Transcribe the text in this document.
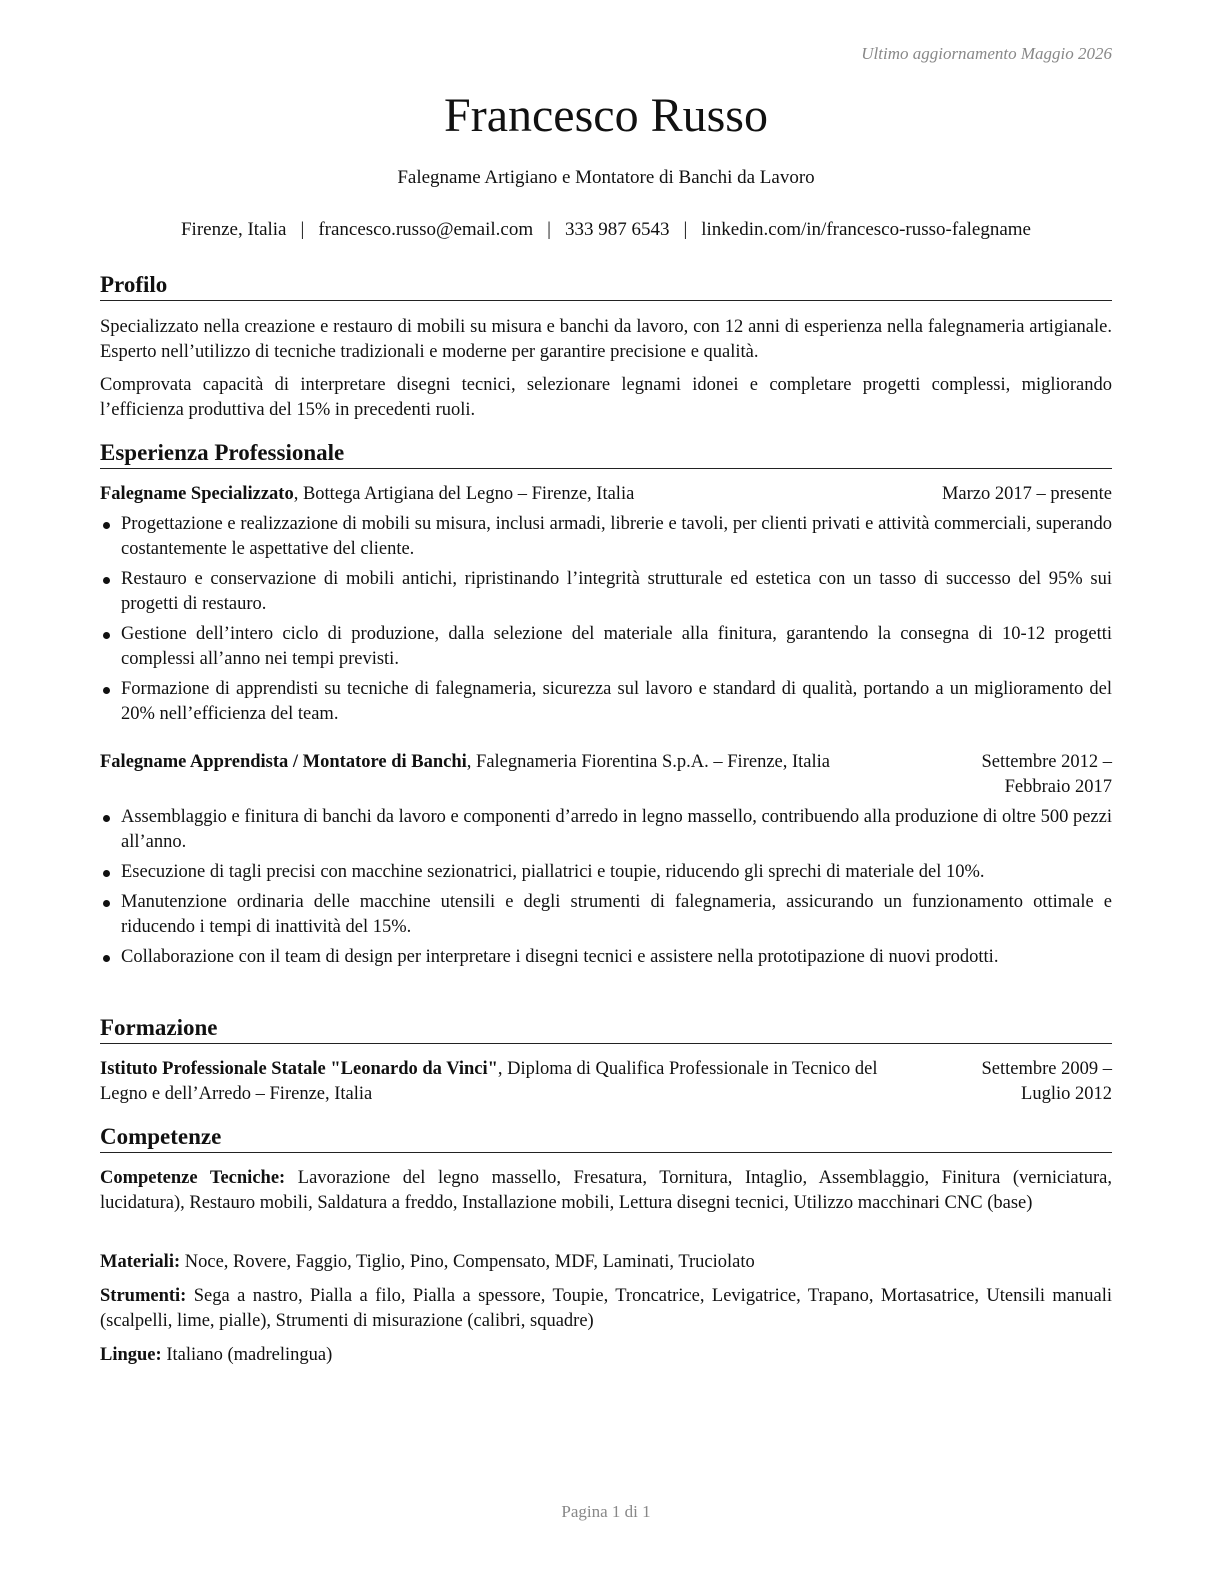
Ultimo aggiornamento Maggio 2026
Francesco Russo
Falegname Artigiano e Montatore di Banchi da Lavoro
Firenze, Italia | francesco.russo@email.com | 333 987 6543 | linkedin.com/in/francesco-russo-falegname
Profilo

Specializzato nella creazione e restauro di mobili su misura e banchi da lavoro, con 12 anni di esperienza nella falegnameria artigianale. Esperto nell’utilizzo di tecniche tradizionali e moderne per garantire precisione e qualità.

Comprovata capacità di interpretare disegni tecnici, selezionare legnami idonei e completare progetti complessi, migliorando l’efficienza produttiva del 15% in precedenti ruoli.

Esperienza Professionale
Falegname Specializzato, Bottega Artigiana del Legno – Firenze, Italia	Marzo 2017 – presente
Progettazione e realizzazione di mobili su misura, inclusi armadi, librerie e tavoli, per clienti privati e attività commerciali, superando costantemente le aspettative del cliente.
Restauro e conservazione di mobili antichi, ripristinando l’integrità strutturale ed estetica con un tasso di successo del 95% sui progetti di restauro.
Gestione dell’intero ciclo di produzione, dalla selezione del materiale alla finitura, garantendo la consegna di 10-12 progetti complessi all’anno nei tempi previsti.
Formazione di apprendisti su tecniche di falegnameria, sicurezza sul lavoro e standard di qualità, portando a un miglioramento del 20% nell’efficienza del team.
Falegname Apprendista / Montatore di Banchi, Falegnameria Fiorentina S.p.A. – Firenze, Italia	Settembre 2012 – Febbraio 2017
Assemblaggio e finitura di banchi da lavoro e componenti d’arredo in legno massello, contribuendo alla produzione di oltre 500 pezzi all’anno.
Esecuzione di tagli precisi con macchine sezionatrici, piallatrici e toupie, riducendo gli sprechi di materiale del 10%.
Manutenzione ordinaria delle macchine utensili e degli strumenti di falegnameria, assicurando un funzionamento ottimale e riducendo i tempi di inattività del 15%.
Collaborazione con il team di design per interpretare i disegni tecnici e assistere nella prototipazione di nuovi prodotti.
Formazione
Istituto Professionale Statale "Leonardo da Vinci", Diploma di Qualifica Professionale in Tecnico del Legno e dell’Arredo – Firenze, Italia
Settembre 2009 – Luglio 2012
Competenze

Competenze Tecniche: Lavorazione del legno massello, Fresatura, Tornitura, Intaglio, Assemblaggio, Finitura (verniciatura, lucidatura), Restauro mobili, Saldatura a freddo, Installazione mobili, Lettura disegni tecnici, Utilizzo macchinari CNC (base)

Materiali: Noce, Rovere, Faggio, Tiglio, Pino, Compensato, MDF, Laminati, Truciolato

Strumenti: Sega a nastro, Pialla a filo, Pialla a spessore, Toupie, Troncatrice, Levigatrice, Trapano, Mortasatrice, Utensili manuali (scalpelli, lime, pialle), Strumenti di misurazione (calibri, squadre)

Lingue: Italiano (madrelingua)

Pagina 1 di 1
